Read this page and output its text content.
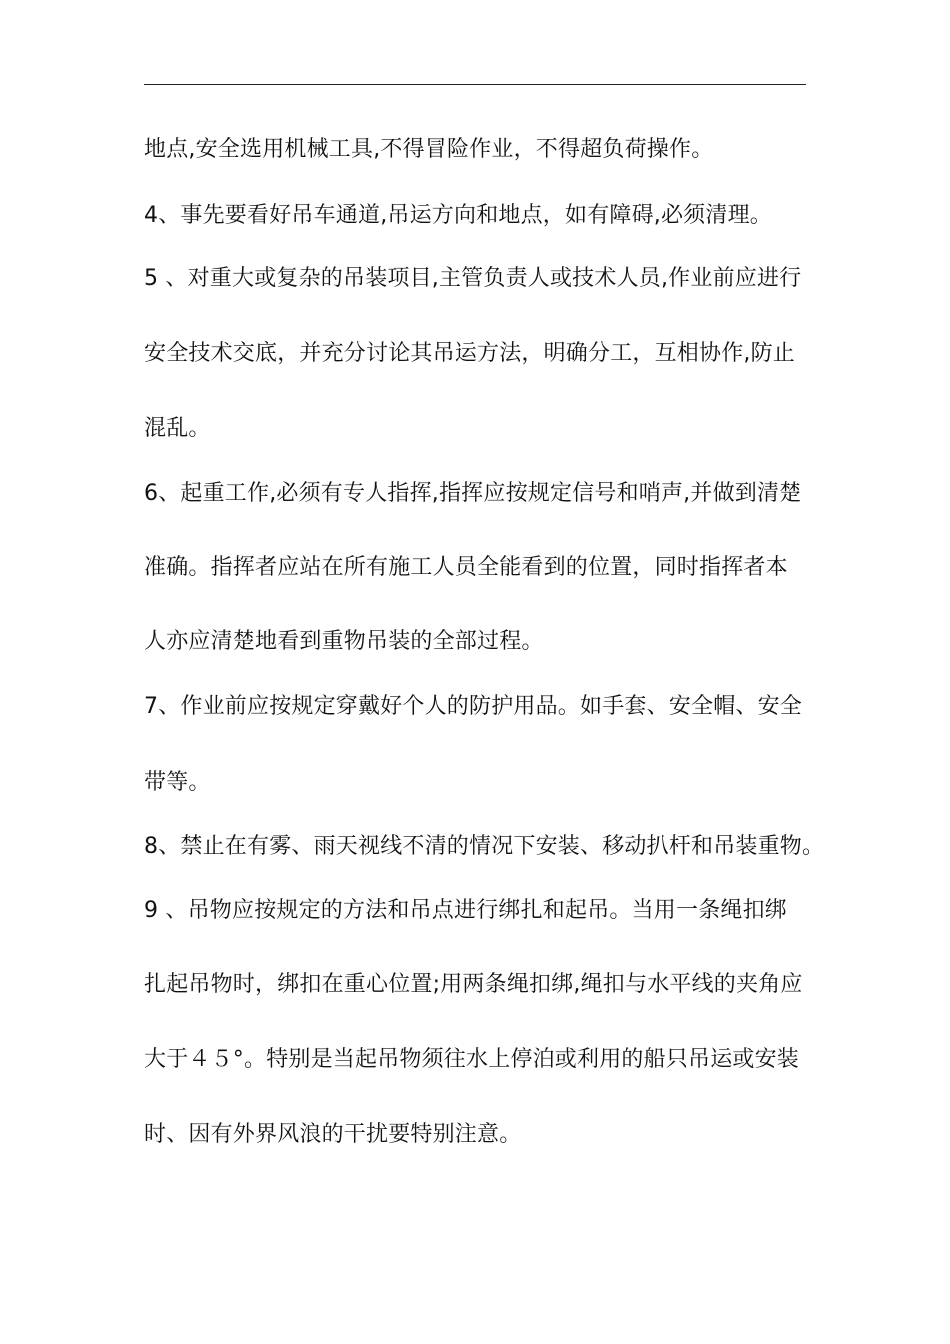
地点,安全选用机械工具,不得冒险作业，不得超负荷操作。
4、事先要看好吊车通道,吊运方向和地点，如有障碍,必须清理。
5 、对重大或复杂的吊装项目,主管负责人或技术人员,作业前应进行
安全技术交底，并充分讨论其吊运方法，明确分工，互相协作,防止
混乱。
6、起重工作,必须有专人指挥,指挥应按规定信号和哨声,并做到清楚
准确。指挥者应站在所有施工人员全能看到的位置，同时指挥者本
人亦应清楚地看到重物吊装的全部过程。
7、作业前应按规定穿戴好个人的防护用品。如手套、安全帽、安全
带等。
8、禁止在有雾、雨天视线不清的情况下安装、移动扒杆和吊装重物。
9 、吊物应按规定的方法和吊点进行绑扎和起吊。当用一条绳扣绑
扎起吊物时，绑扣在重心位置;用两条绳扣绑,绳扣与水平线的夹角应
大于４５°。特别是当起吊物须往水上停泊或利用的船只吊运或安装
时、因有外界风浪的干扰要特别注意。
